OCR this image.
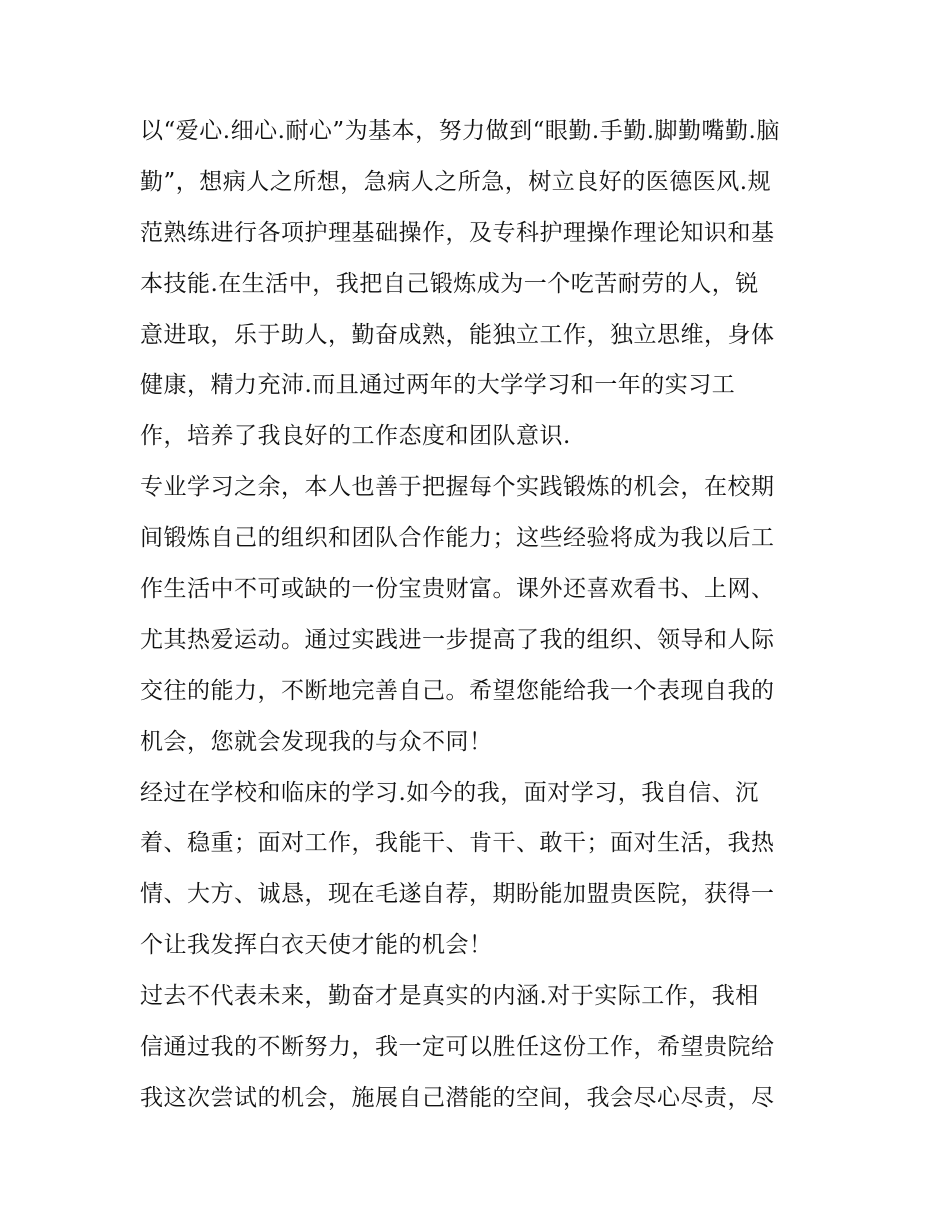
以“爱心.细心.耐心”为基本，努力做到“眼勤.手勤.脚勤嘴勤.脑
勤”，想病人之所想，急病人之所急，树立良好的医德医风.规
范熟练进行各项护理基础操作，及专科护理操作理论知识和基
本技能.在生活中，我把自己锻炼成为一个吃苦耐劳的人，锐
意进取，乐于助人，勤奋成熟，能独立工作，独立思维，身体
健康，精力充沛.而且通过两年的大学学习和一年的实习工
作，培养了我良好的工作态度和团队意识.
专业学习之余，本人也善于把握每个实践锻炼的机会，在校期
间锻炼自己的组织和团队合作能力；这些经验将成为我以后工
作生活中不可或缺的一份宝贵财富。课外还喜欢看书、上网、
尤其热爱运动。通过实践进一步提高了我的组织、领导和人际
交往的能力，不断地完善自己。希望您能给我一个表现自我的
机会，您就会发现我的与众不同！
经过在学校和临床的学习.如今的我，面对学习，我自信、沉
着、稳重；面对工作，我能干、肯干、敢干；面对生活，我热
情、大方、诚恳，现在毛遂自荐，期盼能加盟贵医院，获得一
个让我发挥白衣天使才能的机会！
过去不代表未来，勤奋才是真实的内涵.对于实际工作，我相
信通过我的不断努力，我一定可以胜任这份工作，希望贵院给
我这次尝试的机会，施展自己潜能的空间，我会尽心尽责，尽
